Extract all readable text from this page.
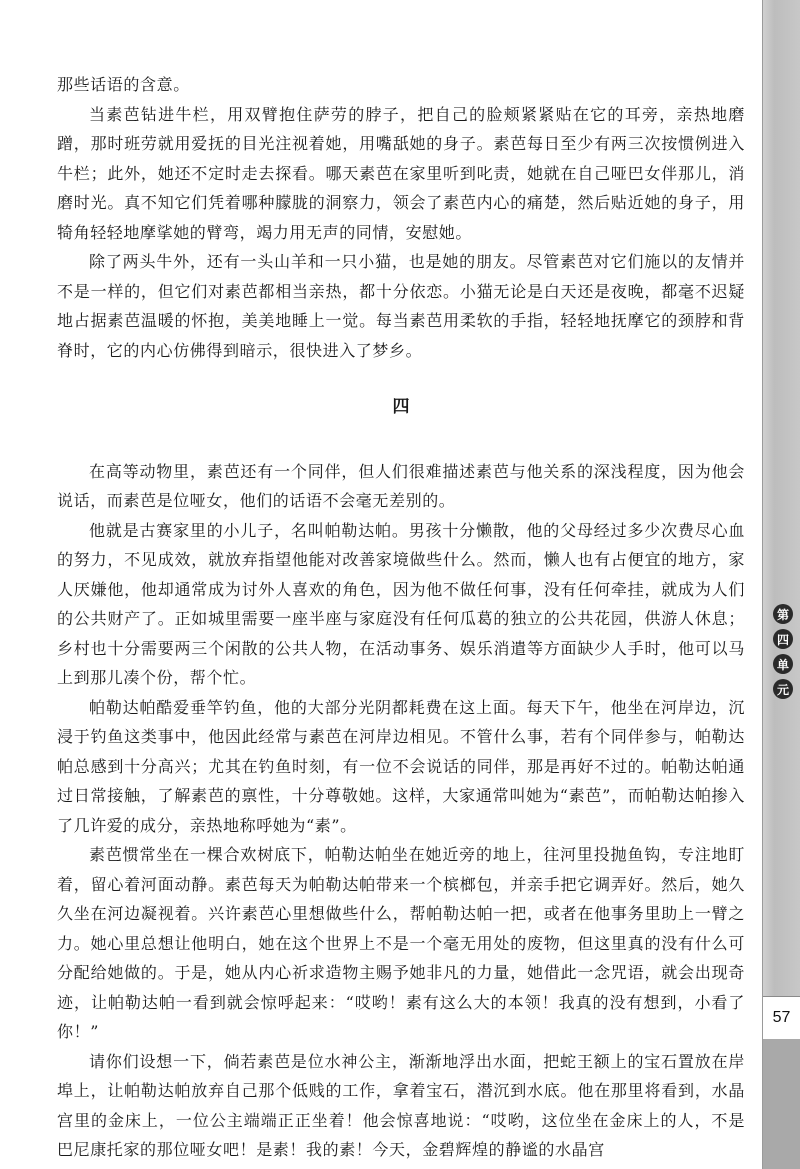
第
四
单
元
57

那些话语的含意。

当素芭钻进牛栏，用双臂抱住萨劳的脖子，把自己的脸颊紧紧贴在它的耳旁，亲热地磨蹭，那时班劳就用爱抚的目光注视着她，用嘴舐她的身子。素芭每日至少有两三次按惯例进入牛栏；此外，她还不定时走去探看。哪天素芭在家里听到叱责，她就在自己哑巴女伴那儿，消磨时光。真不知它们凭着哪种朦胧的洞察力，领会了素芭内心的痛楚，然后贴近她的身子，用犄角轻轻地摩挲她的臂弯，竭力用无声的同情，安慰她。

除了两头牛外，还有一头山羊和一只小猫，也是她的朋友。尽管素芭对它们施以的友情并不是一样的，但它们对素芭都相当亲热，都十分依恋。小猫无论是白天还是夜晚，都毫不迟疑地占据素芭温暖的怀抱，美美地睡上一觉。每当素芭用柔软的手指，轻轻地抚摩它的颈脖和背脊时，它的内心仿佛得到暗示，很快进入了梦乡。

四

在高等动物里，素芭还有一个同伴，但人们很难描述素芭与他关系的深浅程度，因为他会说话，而素芭是位哑女，他们的话语不会毫无差别的。

他就是古赛家里的小儿子，名叫帕勒达帕。男孩十分懒散，他的父母经过多少次费尽心血的努力，不见成效，就放弃指望他能对改善家境做些什么。然而，懒人也有占便宜的地方，家人厌嫌他，他却通常成为讨外人喜欢的角色，因为他不做任何事，没有任何牵挂，就成为人们的公共财产了。正如城里需要一座半座与家庭没有任何瓜葛的独立的公共花园，供游人休息；乡村也十分需要两三个闲散的公共人物，在活动事务、娱乐消遣等方面缺少人手时，他可以马上到那儿凑个份，帮个忙。

帕勒达帕酷爱垂竿钓鱼，他的大部分光阴都耗费在这上面。每天下午，他坐在河岸边，沉浸于钓鱼这类事中，他因此经常与素芭在河岸边相见。不管什么事，若有个同伴参与，帕勒达帕总感到十分高兴；尤其在钓鱼时刻，有一位不会说话的同伴，那是再好不过的。帕勒达帕通过日常接触，了解素芭的禀性，十分尊敬她。这样，大家通常叫她为“素芭”，而帕勒达帕掺入了几许爱的成分，亲热地称呼她为“素”。

素芭惯常坐在一棵合欢树底下，帕勒达帕坐在她近旁的地上，往河里投抛鱼钩，专注地盯着，留心着河面动静。素芭每天为帕勒达帕带来一个槟榔包，并亲手把它调弄好。然后，她久久坐在河边凝视着。兴许素芭心里想做些什么，帮帕勒达帕一把，或者在他事务里助上一臂之力。她心里总想让他明白，她在这个世界上不是一个毫无用处的废物，但这里真的没有什么可分配给她做的。于是，她从内心祈求造物主赐予她非凡的力量，她借此一念咒语，就会出现奇迹，让帕勒达帕一看到就会惊呼起来：“哎哟！素有这么大的本领！我真的没有想到，小看了你！”

请你们设想一下，倘若素芭是位水神公主，渐渐地浮出水面，把蛇王额上的宝石置放在岸埠上，让帕勒达帕放弃自己那个低贱的工作，拿着宝石，潜沉到水底。他在那里将看到，水晶宫里的金床上，一位公主端端正正坐着！他会惊喜地说：“哎哟，这位坐在金床上的人，不是巴尼康托家的那位哑女吧！是素！我的素！今天，金碧辉煌的静谧的水晶宫
